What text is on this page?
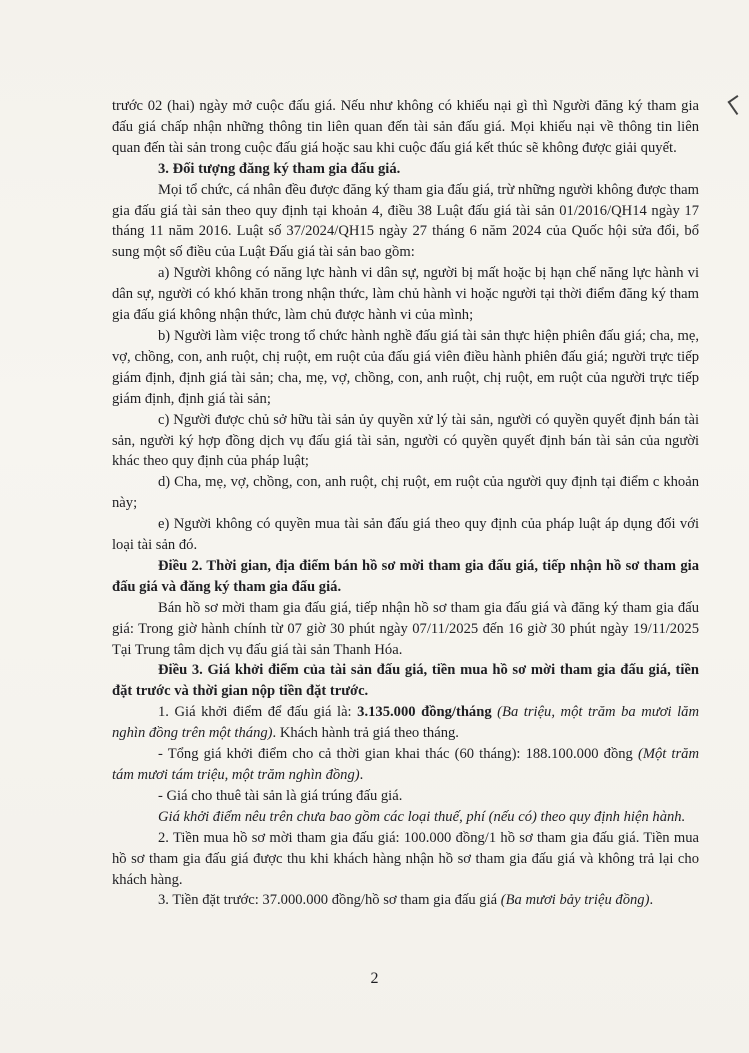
trước 02 (hai) ngày mở cuộc đấu giá. Nếu như không có khiếu nại gì thì Người đăng ký tham gia đấu giá chấp nhận những thông tin liên quan đến tài sản đấu giá. Mọi khiếu nại về thông tin liên quan đến tài sản trong cuộc đấu giá hoặc sau khi cuộc đấu giá kết thúc sẽ không được giải quyết.

3. Đối tượng đăng ký tham gia đấu giá.

Mọi tổ chức, cá nhân đều được đăng ký tham gia đấu giá, trừ những người không được tham gia đấu giá tài sản theo quy định tại khoản 4, điều 38 Luật đấu giá tài sản 01/2016/QH14 ngày 17 tháng 11 năm 2016. Luật số 37/2024/QH15 ngày 27 tháng 6 năm 2024 của Quốc hội sửa đổi, bổ sung một số điều của Luật Đấu giá tài sản bao gồm:

a) Người không có năng lực hành vi dân sự, người bị mất hoặc bị hạn chế năng lực hành vi dân sự, người có khó khăn trong nhận thức, làm chủ hành vi hoặc người tại thời điểm đăng ký tham gia đấu giá không nhận thức, làm chủ được hành vi của mình;

b) Người làm việc trong tổ chức hành nghề đấu giá tài sản thực hiện phiên đấu giá; cha, mẹ, vợ, chồng, con, anh ruột, chị ruột, em ruột của đấu giá viên điều hành phiên đấu giá; người trực tiếp giám định, định giá tài sản; cha, mẹ, vợ, chồng, con, anh ruột, chị ruột, em ruột của người trực tiếp giám định, định giá tài sản;

c) Người được chủ sở hữu tài sản ủy quyền xử lý tài sản, người có quyền quyết định bán tài sản, người ký hợp đồng dịch vụ đấu giá tài sản, người có quyền quyết định bán tài sản của người khác theo quy định của pháp luật;

d) Cha, mẹ, vợ, chồng, con, anh ruột, chị ruột, em ruột của người quy định tại điểm c khoản này;

e) Người không có quyền mua tài sản đấu giá theo quy định của pháp luật áp dụng đối với loại tài sản đó.

Điều 2. Thời gian, địa điểm bán hồ sơ mời tham gia đấu giá, tiếp nhận hồ sơ tham gia đấu giá và đăng ký tham gia đấu giá.

Bán hồ sơ mời tham gia đấu giá, tiếp nhận hồ sơ tham gia đấu giá và đăng ký tham gia đấu giá: Trong giờ hành chính từ 07 giờ 30 phút ngày 07/11/2025 đến 16 giờ 30 phút ngày 19/11/2025 Tại Trung tâm dịch vụ đấu giá tài sản Thanh Hóa.

Điều 3. Giá khởi điểm của tài sản đấu giá, tiền mua hồ sơ mời tham gia đấu giá, tiền đặt trước và thời gian nộp tiền đặt trước.

1. Giá khởi điểm để đấu giá là: 3.135.000 đồng/tháng (Ba triệu, một trăm ba mươi lăm nghìn đồng trên một tháng). Khách hành trả giá theo tháng.

- Tổng giá khởi điểm cho cả thời gian khai thác (60 tháng): 188.100.000 đồng (Một trăm tám mươi tám triệu, một trăm nghìn đồng).

- Giá cho thuê tài sản là giá trúng đấu giá.

Giá khởi điểm nêu trên chưa bao gồm các loại thuế, phí (nếu có) theo quy định hiện hành.

2. Tiền mua hồ sơ mời tham gia đấu giá: 100.000 đồng/1 hồ sơ tham gia đấu giá. Tiền mua hồ sơ tham gia đấu giá được thu khi khách hàng nhận hồ sơ tham gia đấu giá và không trả lại cho khách hàng.

3. Tiền đặt trước: 37.000.000 đồng/hồ sơ tham gia đấu giá (Ba mươi bảy triệu đồng).

2
